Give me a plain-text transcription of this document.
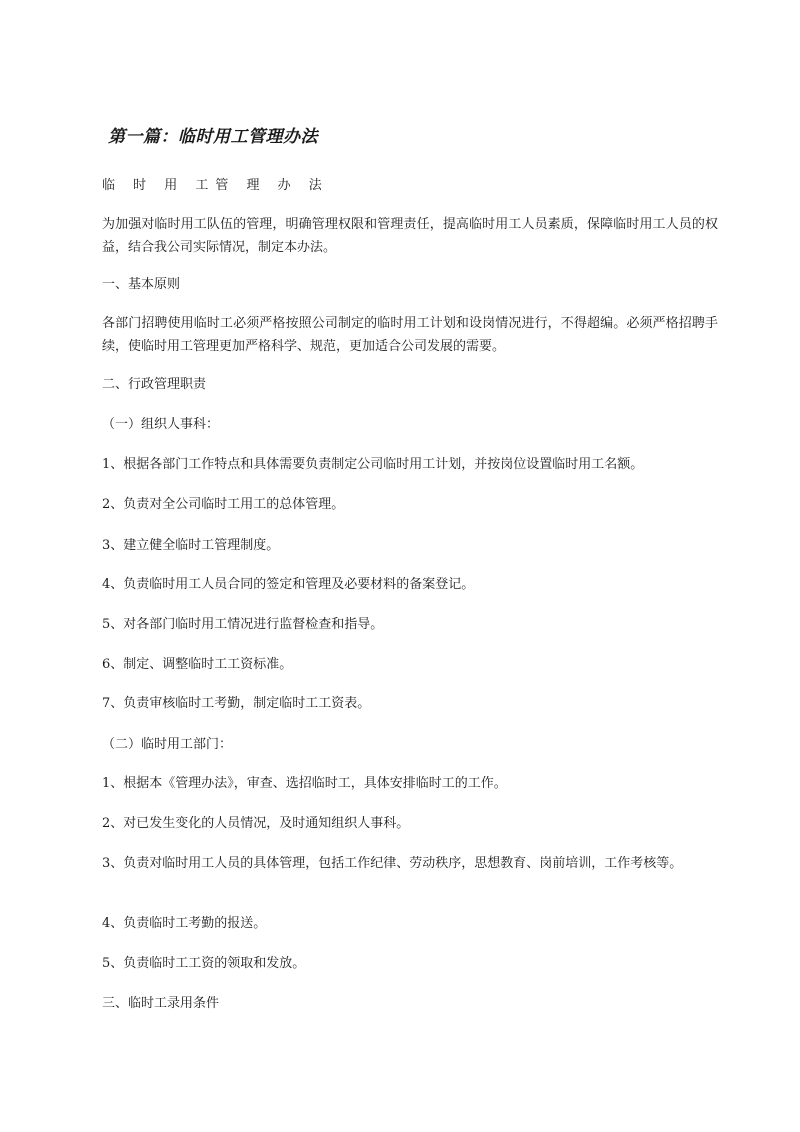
第一篇：临时用工管理办法
临 时 用 工管 理 办 法
为加强对临时用工队伍的管理，明确管理权限和管理责任，提高临时用工人员素质，保障临时用工人员的权益，结合我公司实际情况，制定本办法。
一、基本原则
各部门招聘使用临时工必须严格按照公司制定的临时用工计划和设岗情况进行，不得超编。必须严格招聘手续，使临时用工管理更加严格科学、规范，更加适合公司发展的需要。
二、行政管理职责
（一）组织人事科：
1、根据各部门工作特点和具体需要负责制定公司临时用工计划，并按岗位设置临时用工名额。
2、负责对全公司临时工用工的总体管理。
3、建立健全临时工管理制度。
4、负责临时用工人员合同的签定和管理及必要材料的备案登记。
5、对各部门临时用工情况进行监督检查和指导。
6、制定、调整临时工工资标准。
7、负责审核临时工考勤，制定临时工工资表。
（二）临时用工部门：
1、根据本《管理办法》，审查、选招临时工，具体安排临时工的工作。
2、对已发生变化的人员情况，及时通知组织人事科。
3、负责对临时用工人员的具体管理，包括工作纪律、劳动秩序，思想教育、岗前培训，工作考核等。
4、负责临时工考勤的报送。
5、负责临时工工资的领取和发放。
三、临时工录用条件
